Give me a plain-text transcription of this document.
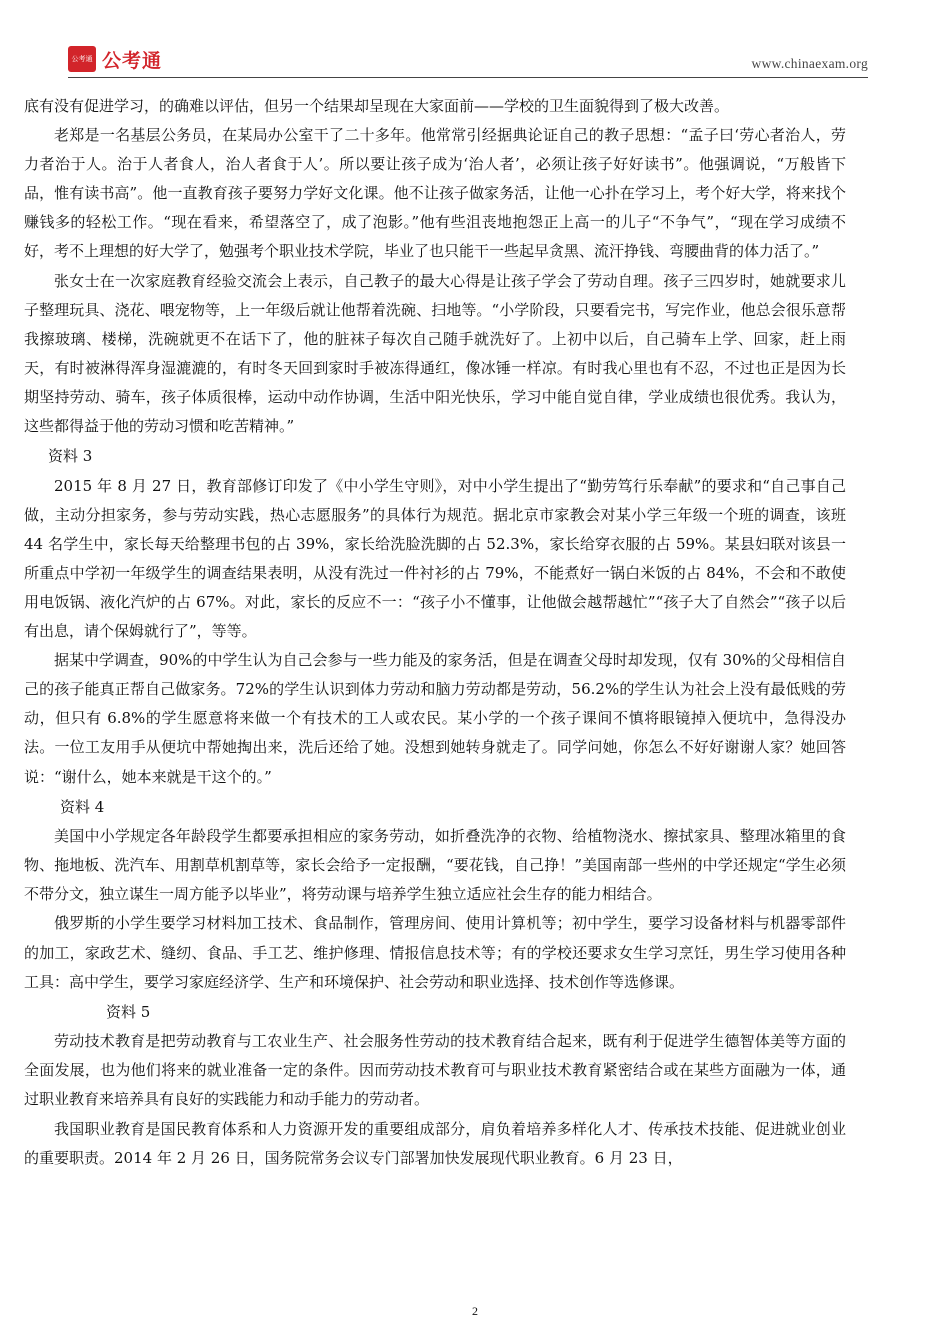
公考通 公考通	www.chinaexam.org

底有没有促进学习，的确难以评估，但另一个结果却呈现在大家面前——学校的卫生面貌得到了极大改善。

老郑是一名基层公务员，在某局办公室干了二十多年。他常常引经据典论证自己的教子思想：“孟子曰‘劳心者治人，劳力者治于人。治于人者食人，治人者食于人’。所以要让孩子成为‘治人者’，必须让孩子好好读书”。他强调说，“万般皆下品，惟有读书高”。他一直教育孩子要努力学好文化课。他不让孩子做家务活，让他一心扑在学习上，考个好大学，将来找个赚钱多的轻松工作。“现在看来，希望落空了，成了泡影。”他有些沮丧地抱怨正上高一的儿子“不争气”，“现在学习成绩不好，考不上理想的好大学了，勉强考个职业技术学院，毕业了也只能干一些起早贪黑、流汗挣钱、弯腰曲背的体力活了。”

张女士在一次家庭教育经验交流会上表示，自己教子的最大心得是让孩子学会了劳动自理。孩子三四岁时，她就要求儿子整理玩具、浇花、喂宠物等，上一年级后就让他帮着洗碗、扫地等。“小学阶段，只要看完书，写完作业，他总会很乐意帮我擦玻璃、楼梯，洗碗就更不在话下了，他的脏袜子每次自己随手就洗好了。上初中以后，自己骑车上学、回家，赶上雨天，有时被淋得浑身湿漉漉的，有时冬天回到家时手被冻得通红，像冰锤一样凉。有时我心里也有不忍，不过也正是因为长期坚持劳动、骑车，孩子体质很棒，运动中动作协调，生活中阳光快乐，学习中能自觉自律，学业成绩也很优秀。我认为，这些都得益于他的劳动习惯和吃苦精神。”

资料 3

2015 年 8 月 27 日，教育部修订印发了《中小学生守则》，对中小学生提出了“勤劳笃行乐奉献”的要求和“自己事自己做，主动分担家务，参与劳动实践，热心志愿服务”的具体行为规范。据北京市家教会对某小学三年级一个班的调查，该班 44 名学生中，家长每天给整理书包的占 39%，家长给洗脸洗脚的占 52.3%，家长给穿衣服的占 59%。某县妇联对该县一所重点中学初一年级学生的调查结果表明，从没有洗过一件衬衫的占 79%，不能煮好一锅白米饭的占 84%，不会和不敢使用电饭锅、液化汽炉的占 67%。对此，家长的反应不一：“孩子小不懂事，让他做会越帮越忙”“孩子大了自然会”“孩子以后有出息，请个保姆就行了”，等等。

据某中学调查，90%的中学生认为自己会参与一些力能及的家务活，但是在调查父母时却发现，仅有 30%的父母相信自己的孩子能真正帮自己做家务。72%的学生认识到体力劳动和脑力劳动都是劳动，56.2%的学生认为社会上没有最低贱的劳动，但只有 6.8%的学生愿意将来做一个有技术的工人或农民。某小学的一个孩子课间不慎将眼镜掉入便坑中，急得没办法。一位工友用手从便坑中帮她掏出来，洗后还给了她。没想到她转身就走了。同学问她，你怎么不好好谢谢人家？她回答说：“谢什么，她本来就是干这个的。”

资料 4

美国中小学规定各年龄段学生都要承担相应的家务劳动，如折叠洗净的衣物、给植物浇水、擦拭家具、整理冰箱里的食物、拖地板、洗汽车、用割草机割草等，家长会给予一定报酬，“要花钱，自己挣！”美国南部一些州的中学还规定“学生必须不带分文，独立谋生一周方能予以毕业”，将劳动课与培养学生独立适应社会生存的能力相结合。

俄罗斯的小学生要学习材料加工技术、食品制作，管理房间、使用计算机等；初中学生，要学习设备材料与机器零部件的加工，家政艺术、缝纫、食品、手工艺、维护修理、情报信息技术等；有的学校还要求女生学习烹饪，男生学习使用各种工具：高中学生，要学习家庭经济学、生产和环境保护、社会劳动和职业选择、技术创作等选修课。

资料 5

劳动技术教育是把劳动教育与工农业生产、社会服务性劳动的技术教育结合起来，既有利于促进学生德智体美等方面的全面发展，也为他们将来的就业准备一定的条件。因而劳动技术教育可与职业技术教育紧密结合或在某些方面融为一体，通过职业教育来培养具有良好的实践能力和动手能力的劳动者。

我国职业教育是国民教育体系和人力资源开发的重要组成部分，肩负着培养多样化人才、传承技术技能、促进就业创业的重要职责。2014 年 2 月 26 日，国务院常务会议专门部署加快发展现代职业教育。6 月 23 日，

2
